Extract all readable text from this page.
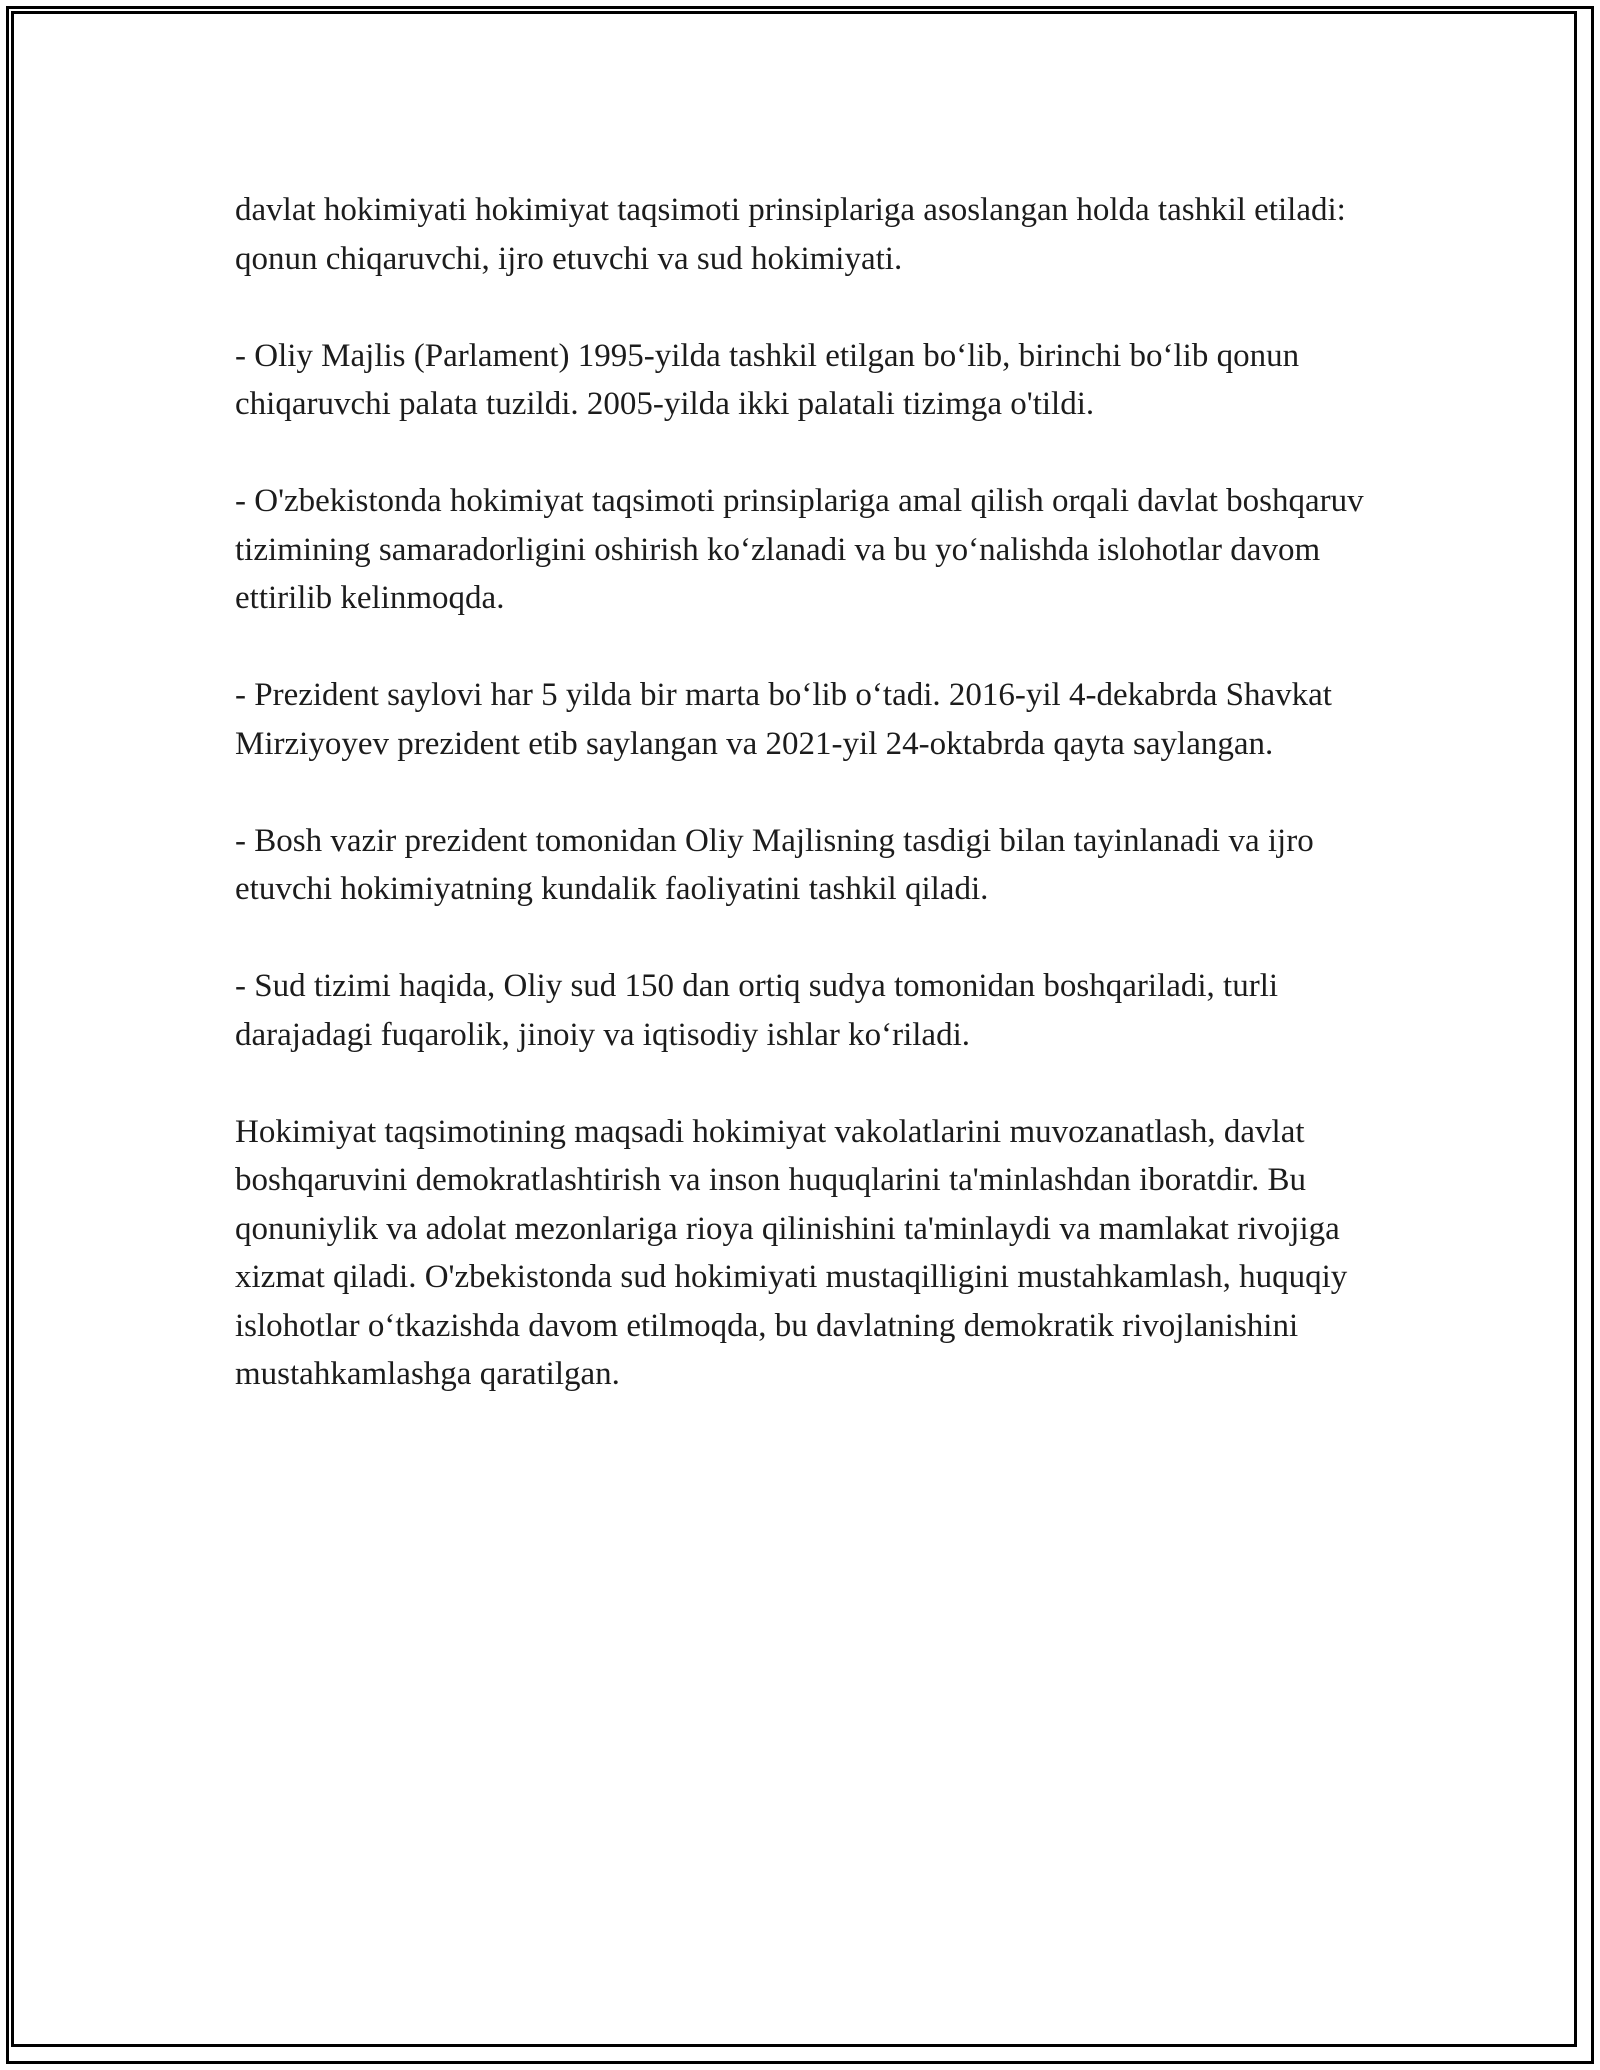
davlat hokimiyati hokimiyat taqsimoti prinsiplariga asoslangan holda tashkil etiladi: qonun chiqaruvchi, ijro etuvchi va sud hokimiyati.

- Oliy Majlis (Parlament) 1995-yilda tashkil etilgan bo‘lib, birinchi bo‘lib qonun chiqaruvchi palata tuzildi. 2005-yilda ikki palatali tizimga o'tildi.

- O'zbekistonda hokimiyat taqsimoti prinsiplariga amal qilish orqali davlat boshqaruv tizimining samaradorligini oshirish ko‘zlanadi va bu yo‘nalishda islohotlar davom ettirilib kelinmoqda.

- Prezident saylovi har 5 yilda bir marta bo‘lib o‘tadi. 2016-yil 4-dekabrda Shavkat Mirziyoyev prezident etib saylangan va 2021-yil 24-oktabrda qayta saylangan.

- Bosh vazir prezident tomonidan Oliy Majlisning tasdigi bilan tayinlanadi va ijro etuvchi hokimiyatning kundalik faoliyatini tashkil qiladi.

- Sud tizimi haqida, Oliy sud 150 dan ortiq sudya tomonidan boshqariladi, turli darajadagi fuqarolik, jinoiy va iqtisodiy ishlar ko‘riladi.

Hokimiyat taqsimotining maqsadi hokimiyat vakolatlarini muvozanatlash, davlat boshqaruvini demokratlashtirish va inson huquqlarini ta'minlashdan iboratdir. Bu qonuniylik va adolat mezonlariga rioya qilinishini ta'minlaydi va mamlakat rivojiga xizmat qiladi. O'zbekistonda sud hokimiyati mustaqilligini mustahkamlash, huquqiy islohotlar o‘tkazishda davom etilmoqda, bu davlatning demokratik rivojlanishini mustahkamlashga qaratilgan.
